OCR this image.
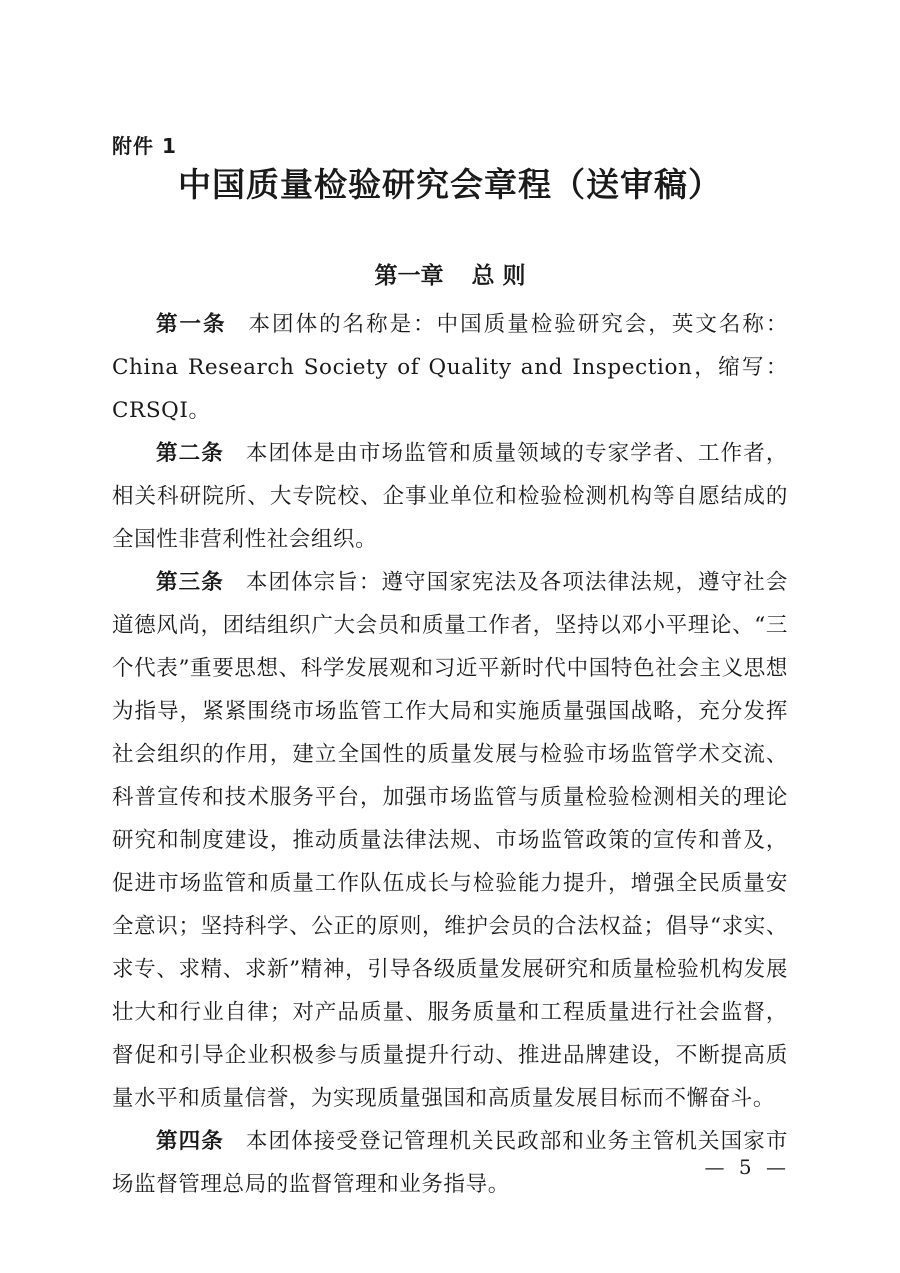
附件 1
中国质量检验研究会章程（送审稿）
第一章 总 则

第一条 本团体的名称是：中国质量检验研究会，英文名称：China Research Society of Quality and Inspection，缩写：CRSQI。

第二条 本团体是由市场监管和质量领域的专家学者、工作者，相关科研院所、大专院校、企事业单位和检验检测机构等自愿结成的全国性非营利性社会组织。

第三条 本团体宗旨：遵守国家宪法及各项法律法规，遵守社会道德风尚，团结组织广大会员和质量工作者，坚持以邓小平理论、“三个代表”重要思想、科学发展观和习近平新时代中国特色社会主义思想为指导，紧紧围绕市场监管工作大局和实施质量强国战略，充分发挥社会组织的作用，建立全国性的质量发展与检验市场监管学术交流、科普宣传和技术服务平台，加强市场监管与质量检验检测相关的理论研究和制度建设，推动质量法律法规、市场监管政策的宣传和普及，促进市场监管和质量工作队伍成长与检验能力提升，增强全民质量安全意识；坚持科学、公正的原则，维护会员的合法权益；倡导“求实、求专、求精、求新”精神，引导各级质量发展研究和质量检验机构发展壮大和行业自律；对产品质量、服务质量和工程质量进行社会监督，督促和引导企业积极参与质量提升行动、推进品牌建设，不断提高质量水平和质量信誉，为实现质量强国和高质量发展目标而不懈奋斗。

第四条 本团体接受登记管理机关民政部和业务主管机关国家市场监督管理总局的监督管理和业务指导。

— 5 —
